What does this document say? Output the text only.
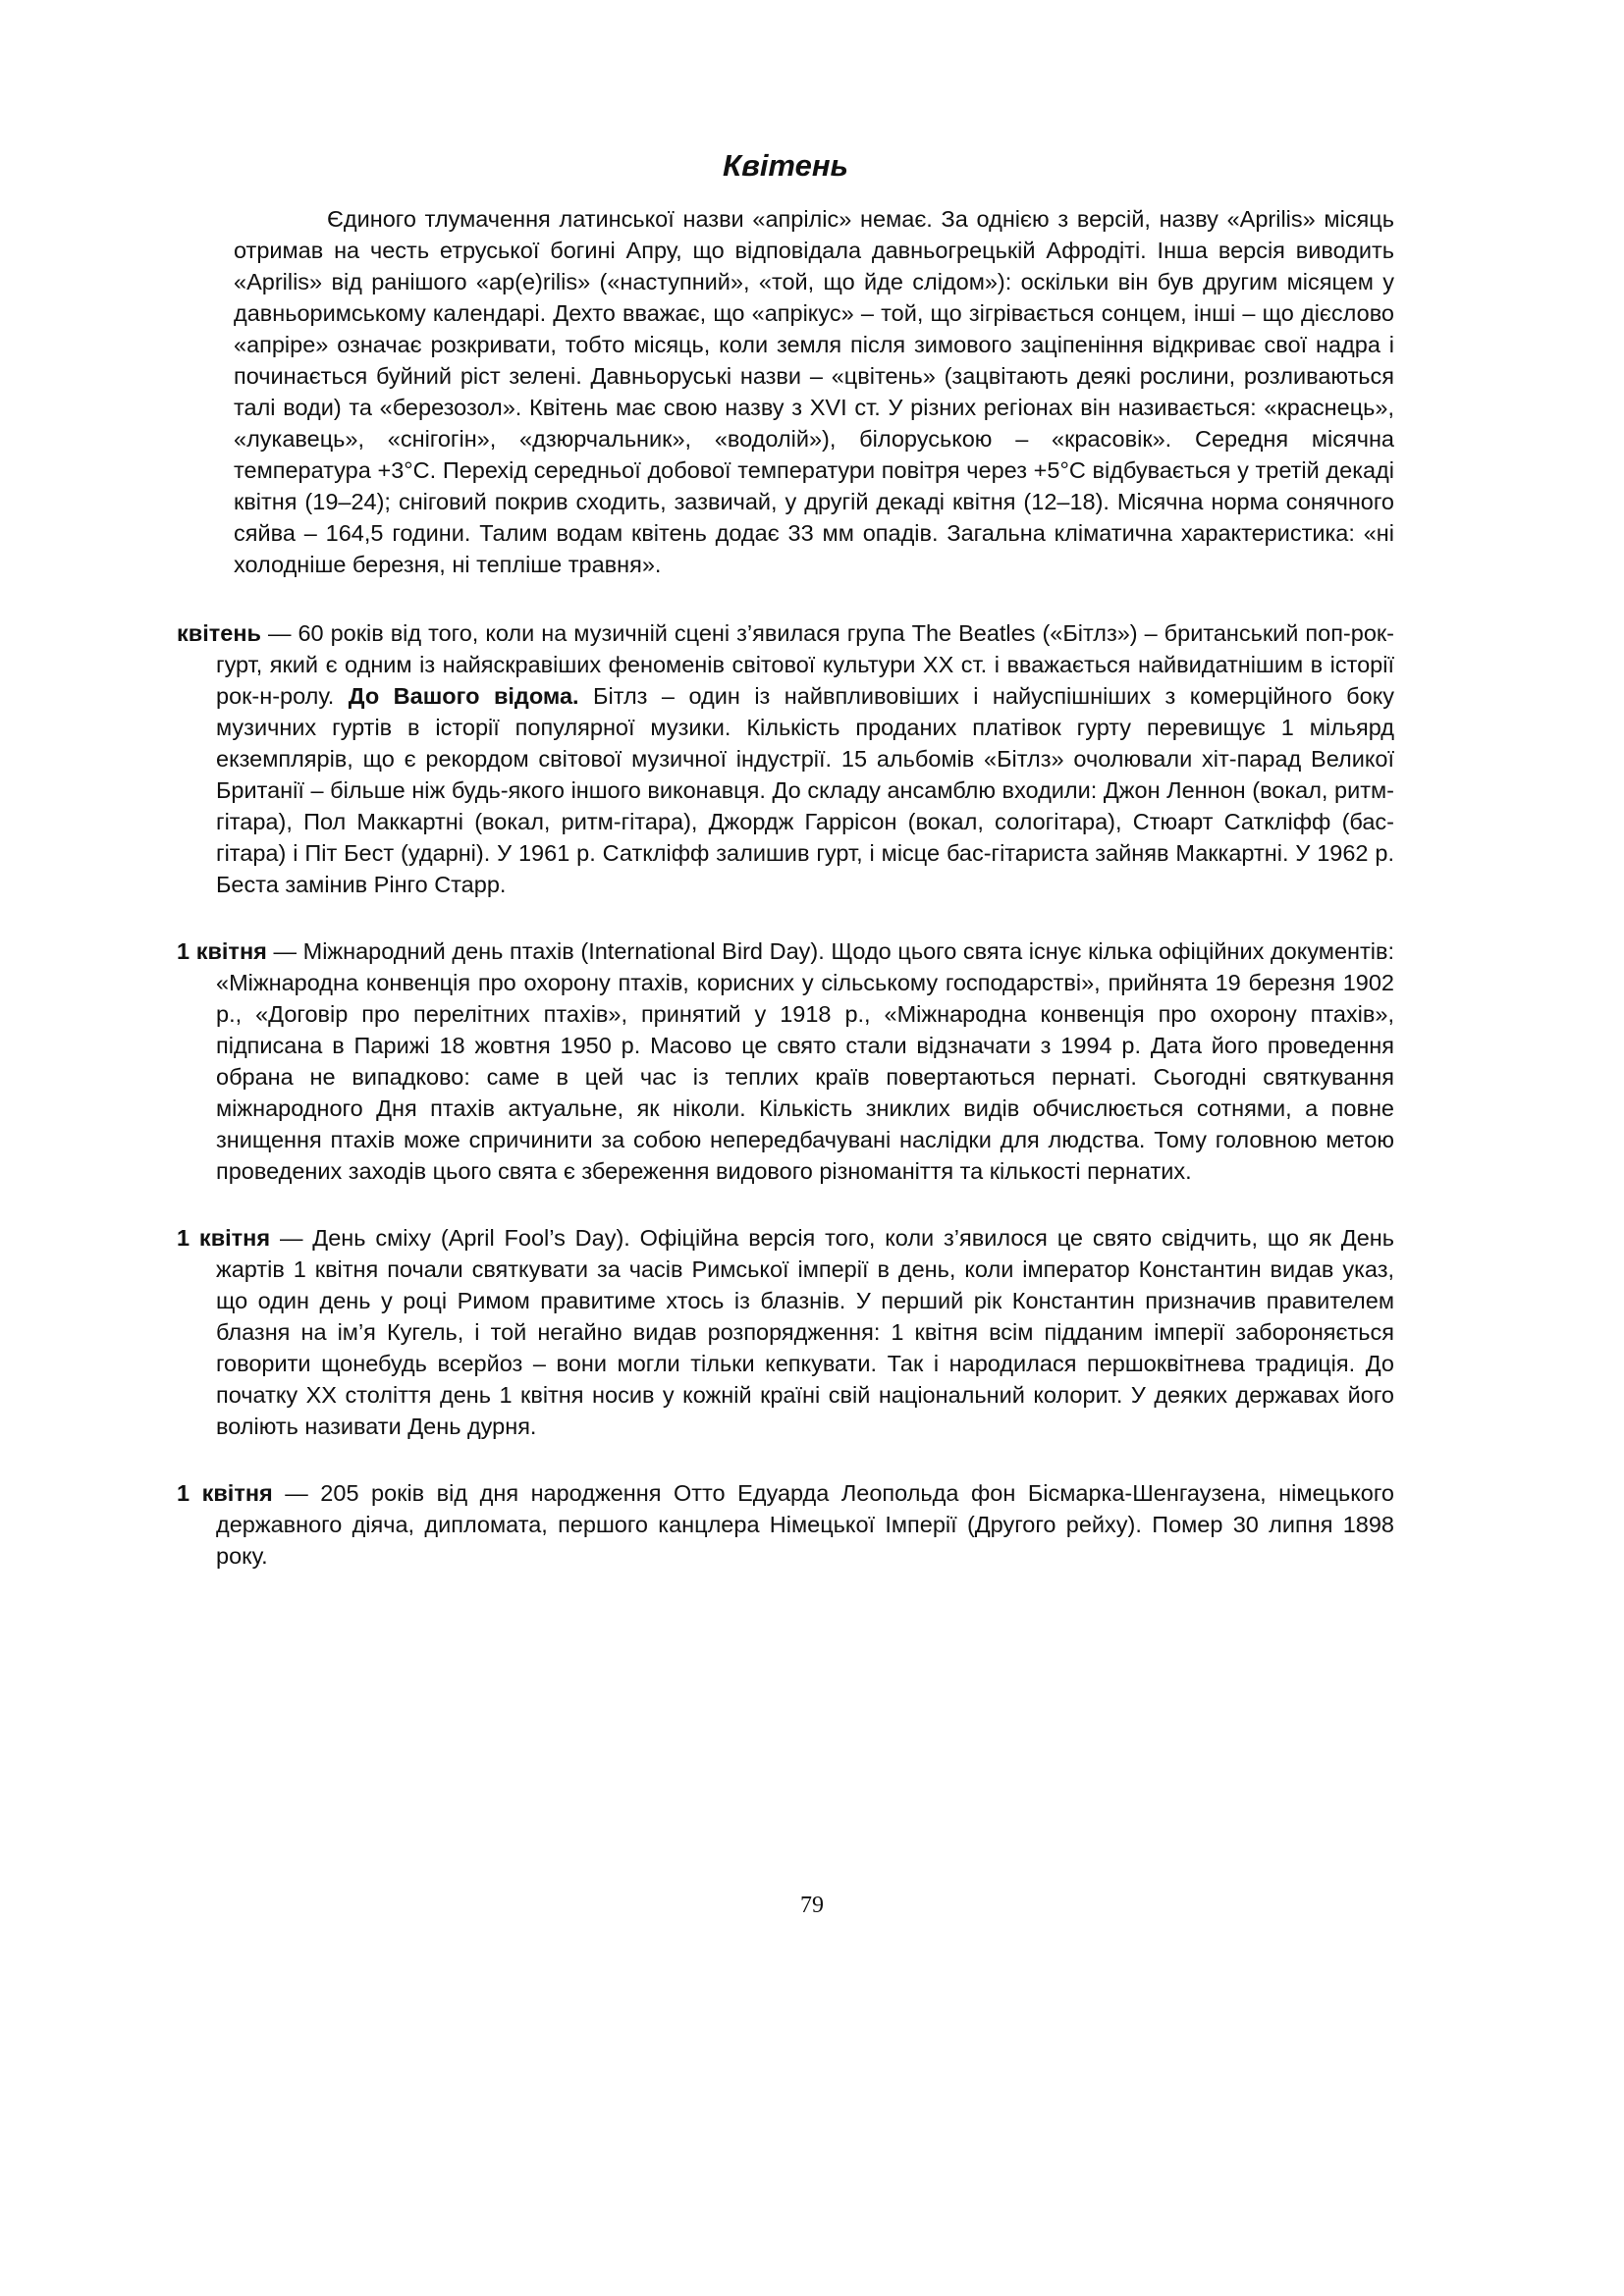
Квітень

Єдиного тлумачення латинської назви «апрiліс» немає. За однією з версій, назву «Aprilis» місяць отримав на честь етруської богині Апру, що відповідала давньогрецькій Афродіті. Інша версія виводить «Aprilis» від ранішого «ap(e)rilis» («наступний», «той, що йде слідом»): оскільки він був другим місяцем у давньоримському календарі. Дехто вважає, що «апрікус» – той, що зігрівається сонцем, інші – що дієслово «апріре» означає розкривати, тобто місяць, коли земля після зимового заціпеніння відкриває свої надра і починається буйний ріст зелені. Давньоруські назви – «цвітень» (зацвітають деякі рослини, розливаються талі води) та «березозол». Квітень має свою назву з XVI ст. У різних регіонах він називається: «краснець», «лукавець», «снігогін», «дзюрчальник», «водолій»), білоруською – «красовік». Середня місячна температура +3°С. Перехід середньої добової температури повітря через +5°С відбувається у третій декаді квітня (19–24); сніговий покрив сходить, зазвичай, у другій декаді квітня (12–18). Місячна норма сонячного сяйва – 164,5 години. Талим водам квітень додає 33 мм опадів. Загальна кліматична характеристика: «ні холодніше березня, ні тепліше травня».

квітень — 60 років від того, коли на музичній сцені з’явилася група The Beatles («Бітлз») – британський поп-рок-гурт, який є одним із найяскравіших феноменів світової культури XX ст. і вважається найвидатнішим в історії рок-н-ролу. До Вашого відома. Бітлз – один із найвпливовіших і найуспішніших з комерційного боку музичних гуртів в історії популярної музики. Кількість проданих платівок гурту перевищує 1 мільярд екземплярів, що є рекордом світової музичної індустрії. 15 альбомів «Бітлз» очолювали хіт-парад Великої Британії – більше ніж будь-якого іншого виконавця. До складу ансамблю входили: Джон Леннон (вокал, ритм-гітара), Пол Маккартні (вокал, ритм-гітара), Джордж Гаррісон (вокал, сологітара), Стюарт Саткліфф (бас-гітара) і Піт Бест (ударні). У 1961 р. Саткліфф залишив гурт, і місце бас-гітариста зайняв Маккартні. У 1962 р. Беста замінив Рінго Старр.

1 квітня — Міжнародний день птахів (International Bird Day). Щодо цього свята існує кілька офіційних документів: «Міжнародна конвенція про охорону птахів, корисних у сільському господарстві», прийнята 19 березня 1902 р., «Договір про перелітних птахів», принятий у 1918 р., «Міжнародна конвенція про охорону птахів», підписана в Парижі 18 жовтня 1950 р. Масово це свято стали відзначати з 1994 р. Дата його проведення обрана не випадково: саме в цей час із теплих країв повертаються пернаті. Сьогодні святкування міжнародного Дня птахів актуальне, як ніколи. Кількість зниклих видів обчислюється сотнями, а повне знищення птахів може спричинити за собою непередбачувані наслідки для людства. Тому головною метою проведених заходів цього свята є збереження видового різноманіття та кількості пернатих.

1 квітня — День сміху (April Fool’s Day). Офіційна версія того, коли з’явилося це свято свідчить, що як День жартів 1 квітня почали святкувати за часів Римської імперії в день, коли імператор Константин видав указ, що один день у році Римом правитиме хтось із блазнів. У перший рік Константин призначив правителем блазня на ім’я Кугель, і той негайно видав розпорядження: 1 квітня всім підданим імперії забороняється говорити щонебудь всерйоз – вони могли тільки кепкувати. Так і народилася першоквітнева традиція. До початку XX століття день 1 квітня носив у кожній країні свій національний колорит. У деяких державах його воліють називати День дурня.

1 квітня — 205 років від дня народження Отто Едуарда Леопольда фон Бісмарка-Шенгаузена, німецького державного діяча, дипломата, першого канцлера Німецької Імперії (Другого рейху). Помер 30 липня 1898 року.

79
